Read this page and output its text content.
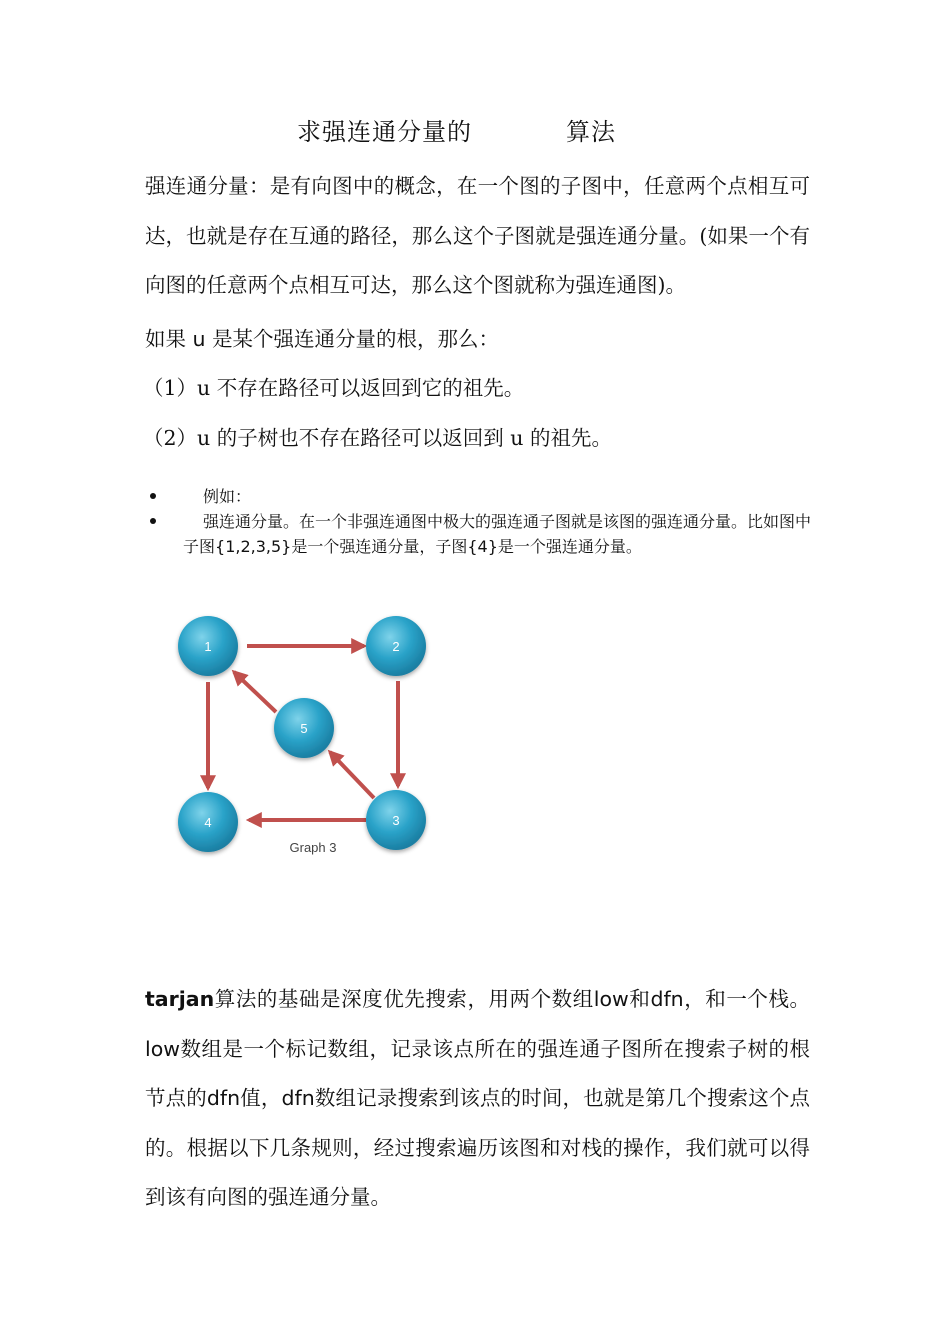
求强连通分量的	算法

强连通分量：是有向图中的概念，在一个图的子图中，任意两个点相互可达，也就是存在互通的路径，那么这个子图就是强连通分量。(如果一个有向图的任意两个点相互可达，那么这个图就称为强连通图)。

如果 u 是某个强连通分量的根，那么：
（1）u 不存在路径可以返回到它的祖先。
（2）u 的子树也不存在路径可以返回到 u 的祖先。
例如：
强连通分量。在一个非强连通图中极大的强连通子图就是该图的强连通分量。比如图中子图{1,2,3,5}是一个强连通分量，子图{4}是一个强连通分量。
1	2
3
4
5
Graph 3

tarjan算法的基础是深度优先搜索，用两个数组low和dfn，和一个栈。low数组是一个标记数组，记录该点所在的强连通子图所在搜索子树的根节点的dfn值，dfn数组记录搜索到该点的时间，也就是第几个搜索这个点的。根据以下几条规则，经过搜索遍历该图和对栈的操作，我们就可以得到该有向图的强连通分量。
